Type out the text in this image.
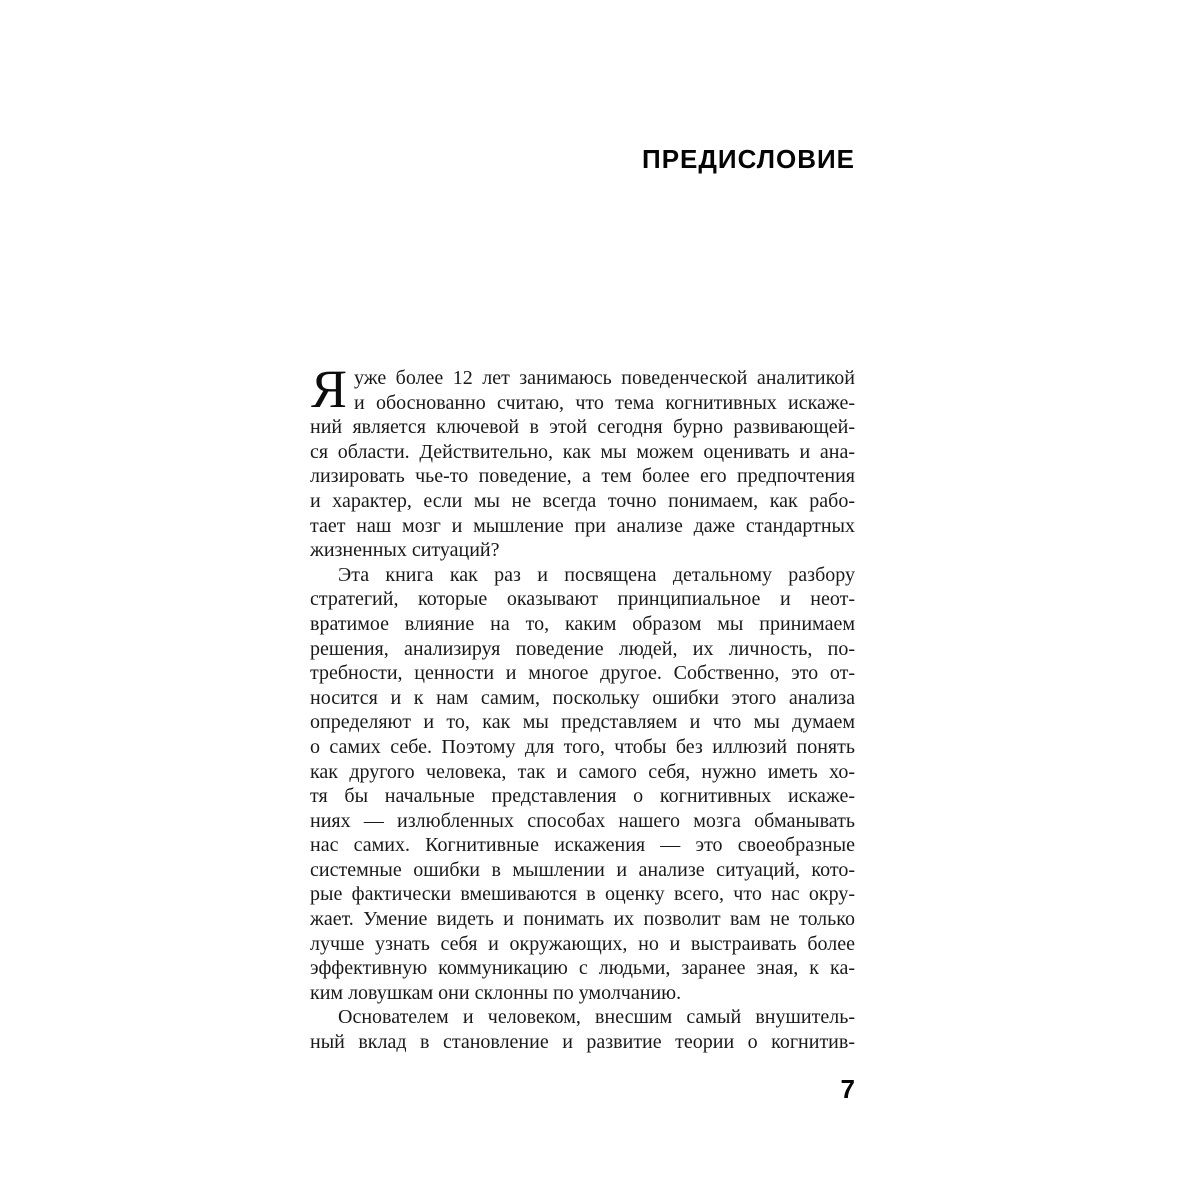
ПРЕДИСЛОВИЕ
Я уже более 12 лет занимаюсь поведенческой аналитикой
и обоснованно считаю, что тема когнитивных искаже-
ний является ключевой в этой сегодня бурно развивающей-
ся области. Действительно, как мы можем оценивать и ана-
лизировать чье-то поведение, а тем более его предпочтения
и характер, если мы не всегда точно понимаем, как рабо-
тает наш мозг и мышление при анализе даже стандартных
жизненных ситуаций?
Эта книга как раз и посвящена детальному разбору
стратегий, которые оказывают принципиальное и неот-
вратимое влияние на то, каким образом мы принимаем
решения, анализируя поведение людей, их личность, по-
требности, ценности и многое другое. Собственно, это от-
носится и к нам самим, поскольку ошибки этого анализа
определяют и то, как мы представляем и что мы думаем
о самих себе. Поэтому для того, чтобы без иллюзий понять
как другого человека, так и самого себя, нужно иметь хо-
тя бы начальные представления о когнитивных искаже-
ниях — излюбленных способах нашего мозга обманывать
нас самих. Когнитивные искажения — это своеобразные
системные ошибки в мышлении и анализе ситуаций, кото-
рые фактически вмешиваются в оценку всего, что нас окру-
жает. Умение видеть и понимать их позволит вам не только
лучше узнать себя и окружающих, но и выстраивать более
эффективную коммуникацию с людьми, заранее зная, к ка-
ким ловушкам они склонны по умолчанию.
Основателем и человеком, внесшим самый внушитель-
ный вклад в становление и развитие теории о когнитив-
7
